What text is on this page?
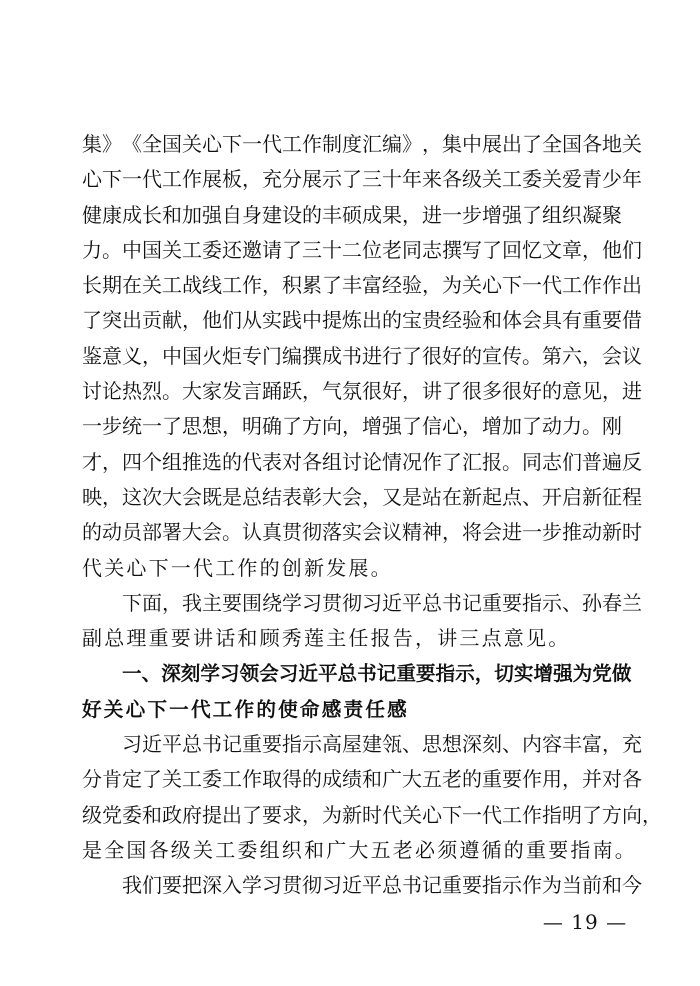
集 》 《 全 国 关 心 下 一 代 工 作 制 度 汇 编 》 ， 集 中 展 出 了 全 国 各 地 关
心 下 一 代 工 作 展 板 ， 充 分 展 示 了 三 十 年 来 各 级 关 工 委 关 爱 青 少 年
健 康 成 长 和 加 强 自 身 建 设 的 丰 硕 成 果 ， 进 一 步 增 强 了 组 织 凝 聚
力 。 中 国 关 工 委 还 邀 请 了 三 十 二 位 老 同 志 撰 写 了 回 忆 文 章 ， 他 们
长 期 在 关 工 战 线 工 作 ， 积 累 了 丰 富 经 验 ， 为 关 心 下 一 代 工 作 作 出
了 突 出 贡 献 ， 他 们 从 实 践 中 提 炼 出 的 宝 贵 经 验 和 体 会 具 有 重 要 借
鉴 意 义 ， 中 国 火 炬 专 门 编 撰 成 书 进 行 了 很 好 的 宣 传 。 第 六 ， 会 议
讨 论 热 烈 。 大 家 发 言 踊 跃 ， 气 氛 很 好 ， 讲 了 很 多 很 好 的 意 见 ， 进
一 步 统 一 了 思 想 ， 明 确 了 方 向 ， 增 强 了 信 心 ， 增 加 了 动 力 。 刚
才 ， 四 个 组 推 选 的 代 表 对 各 组 讨 论 情 况 作 了 汇 报 。 同 志 们 普 遍 反
映 ， 这 次 大 会 既 是 总 结 表 彰 大 会 ， 又 是 站 在 新 起 点 、 开 启 新 征 程
的 动 员 部 署 大 会 。 认 真 贯 彻 落 实 会 议 精 神 ， 将 会 进 一 步 推 动 新 时
代关心下一代工作的创新发展。
下 面 ， 我 主 要 围 绕 学 习 贯 彻 习 近 平 总 书 记 重 要 指 示 、 孙 春 兰
副总理重要讲话和顾秀莲主任报告，讲三点意见。
一 、 深 刻 学 习 领 会 习 近 平 总 书 记 重 要 指 示 ， 切 实 增 强 为 党 做
好关心下一代工作的使命感责任感
习 近 平 总 书 记 重 要 指 示 高 屋 建 瓴 、 思 想 深 刻 、 内 容 丰 富 ， 充
分 肯 定 了 关 工 委 工 作 取 得 的 成 绩 和 广 大 五 老 的 重 要 作 用 ， 并 对 各
级 党 委 和 政 府 提 出 了 要 求 ， 为 新 时 代 关 心 下 一 代 工 作 指 明 了 方 向 ，
是全国各级关工委组织和广大五老必须遵循的重要指南。
我 们 要 把 深 入 学 习 贯 彻 习 近 平 总 书 记 重 要 指 示 作 为 当 前 和 今
— 19 —
